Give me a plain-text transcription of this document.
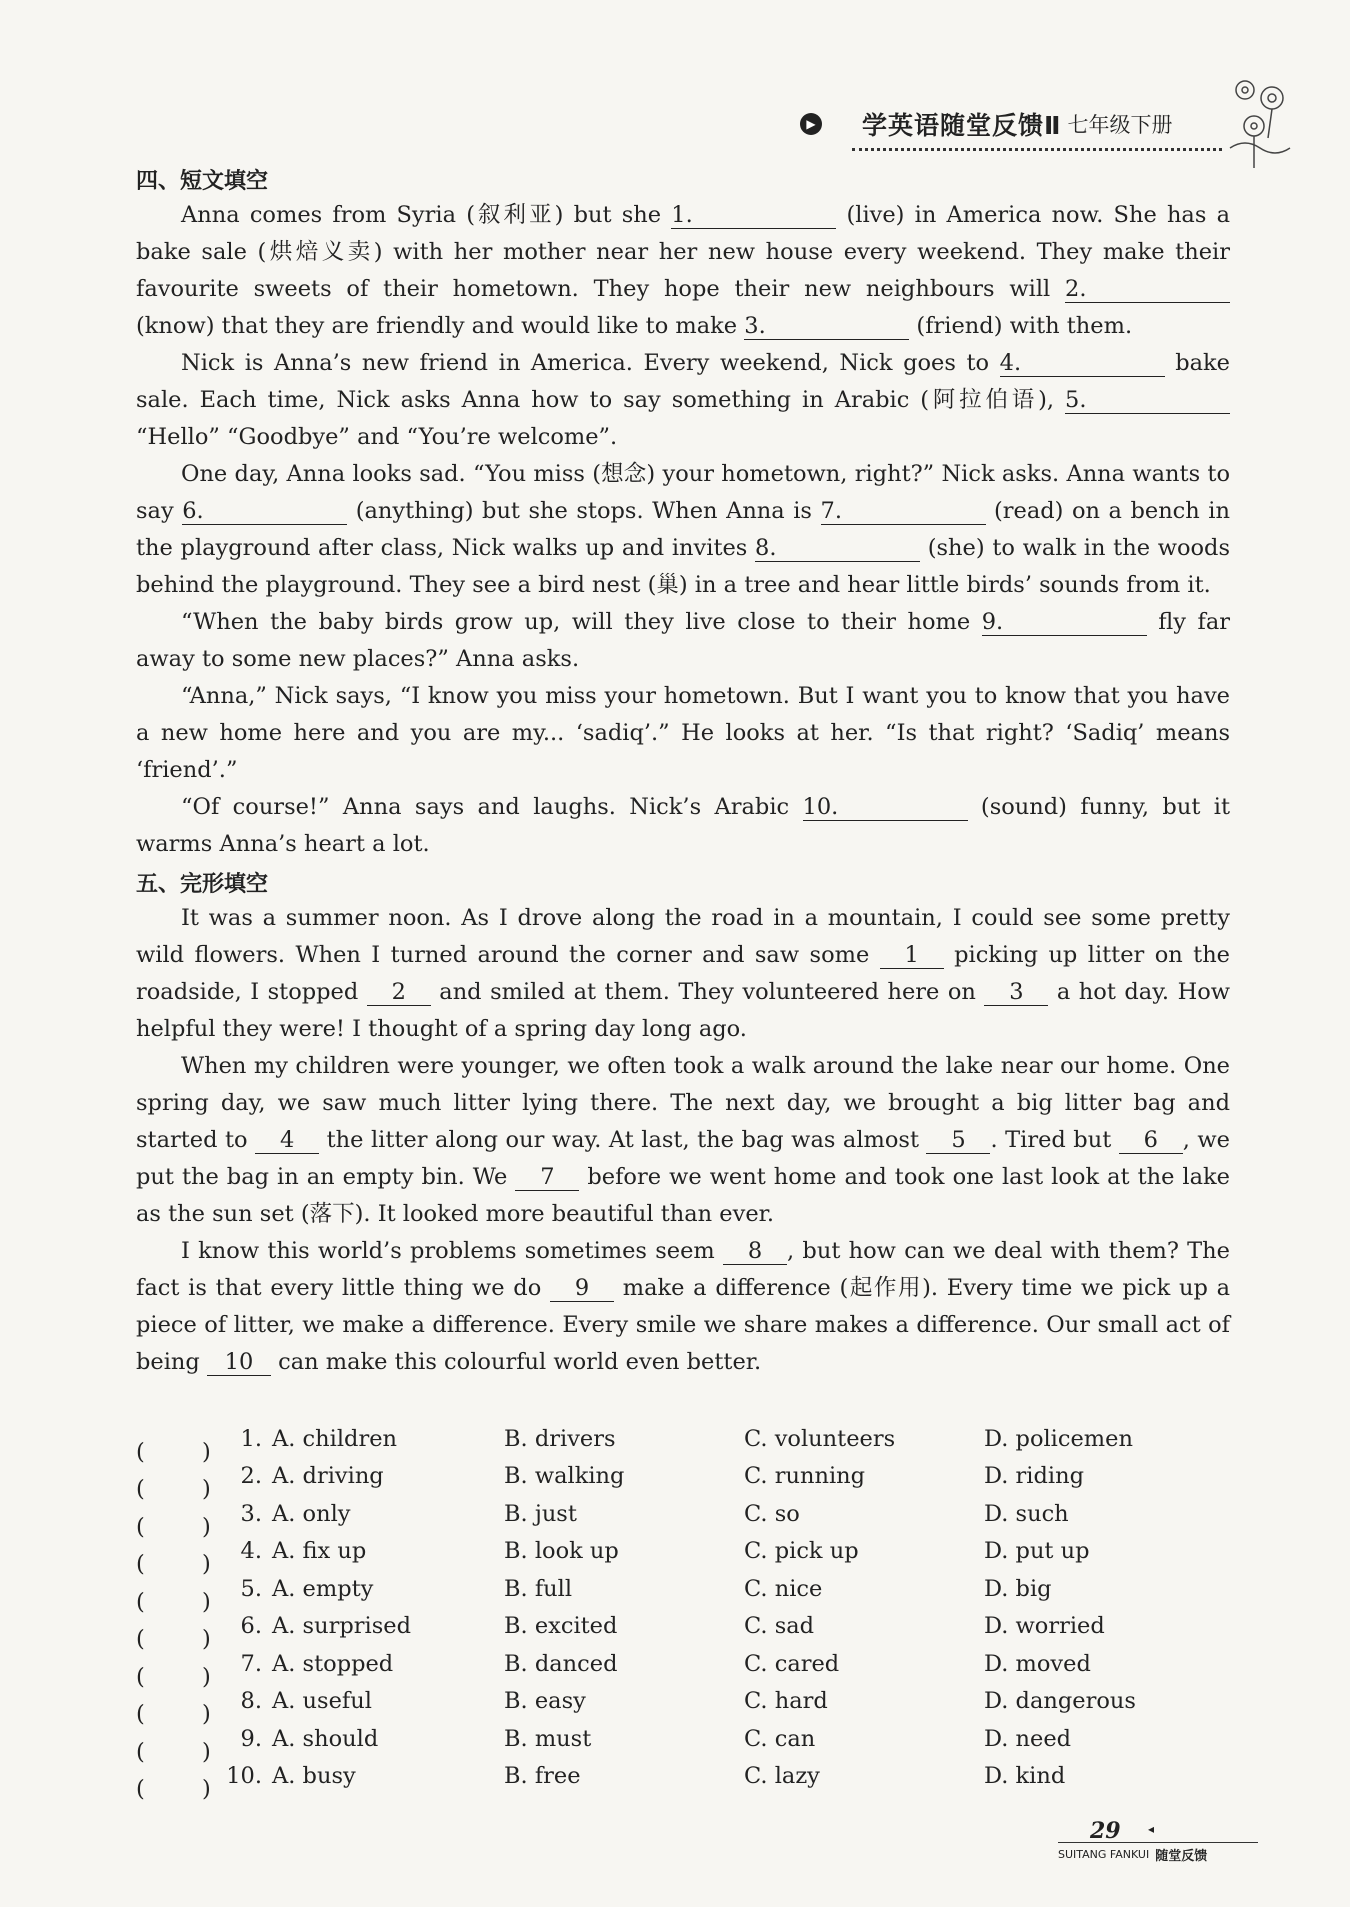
▶ 学英语随堂反馈Ⅱ 七年级下册
四、短文填空

Anna comes from Syria (叙利亚) but she 1.	(live) in America now. She has a bake sale (烘焙义卖) with her mother near her new house every weekend. They make their favourite sweets of their hometown. They hope their new neighbours will 2. (know) that they are friendly and would like to make 3.	(friend) with them.

Nick is Anna’s new friend in America. Every weekend, Nick goes to 4.	bake sale. Each time, Nick asks Anna how to say something in Arabic (阿拉伯语), 5. “Hello” “Goodbye” and “You’re welcome”.

One day, Anna looks sad. “You miss (想念) your hometown, right?” Nick asks. Anna wants to say 6.	(anything) but she stops. When Anna is 7.	(read) on a bench in the playground after class, Nick walks up and invites 8.	(she) to walk in the woods behind the playground. They see a bird nest (巢) in a tree and hear little birds’ sounds from it.

“When the baby birds grow up, will they live close to their home 9.	fly far away to some new places?” Anna asks.

“Anna,” Nick says, “I know you miss your hometown. But I want you to know that you have a new home here and you are my... ‘sadiq’.” He looks at her. “Is that right? ‘Sadiq’ means ‘friend’.”

“Of course!” Anna says and laughs. Nick’s Arabic 10.	(sound) funny, but it warms Anna’s heart a lot.

五、完形填空

It was a summer noon. As I drove along the road in a mountain, I could see some pretty wild flowers. When I turned around the corner and saw some 1 picking up litter on the roadside, I stopped 2 and smiled at them. They volunteered here on 3 a hot day. How helpful they were! I thought of a spring day long ago.

When my children were younger, we often took a walk around the lake near our home. One spring day, we saw much litter lying there. The next day, we brought a big litter bag and started to 4 the litter along our way. At last, the bag was almost 5 . Tired but 6 , we put the bag in an empty bin. We 7 before we went home and took one last look at the lake as the sun set (落下). It looked more beautiful than ever.

I know this world’s problems sometimes seem 8 , but how can we deal with them? The fact is that every little thing we do 9 make a difference (起作用). Every time we pick up a piece of litter, we make a difference. Every smile we share makes a difference. Our small act of being 10 can make this colourful world even better.

(	)	1. A. children	B. drivers	C. volunteers	D. policemen
(	)	2. A. driving	B. walking	C. running	D. riding
(	)	3. A. only	B. just	C. so	D. such
(	)	4. A. fix up	B. look up	C. pick up	D. put up
(	)	5. A. empty	B. full	C. nice	D. big
(	)	6. A. surprised	B. excited	C. sad	D. worried
(	)	7. A. stopped	B. danced	C. cared	D. moved
(	)	8. A. useful	B. easy	C. hard	D. dangerous
(	)	9. A. should	B. must	C. can	D. need
(	) 10. A. busy	B. free	C. lazy	D. kind
29 ◂
SUITANG FANKUI 随堂反馈
